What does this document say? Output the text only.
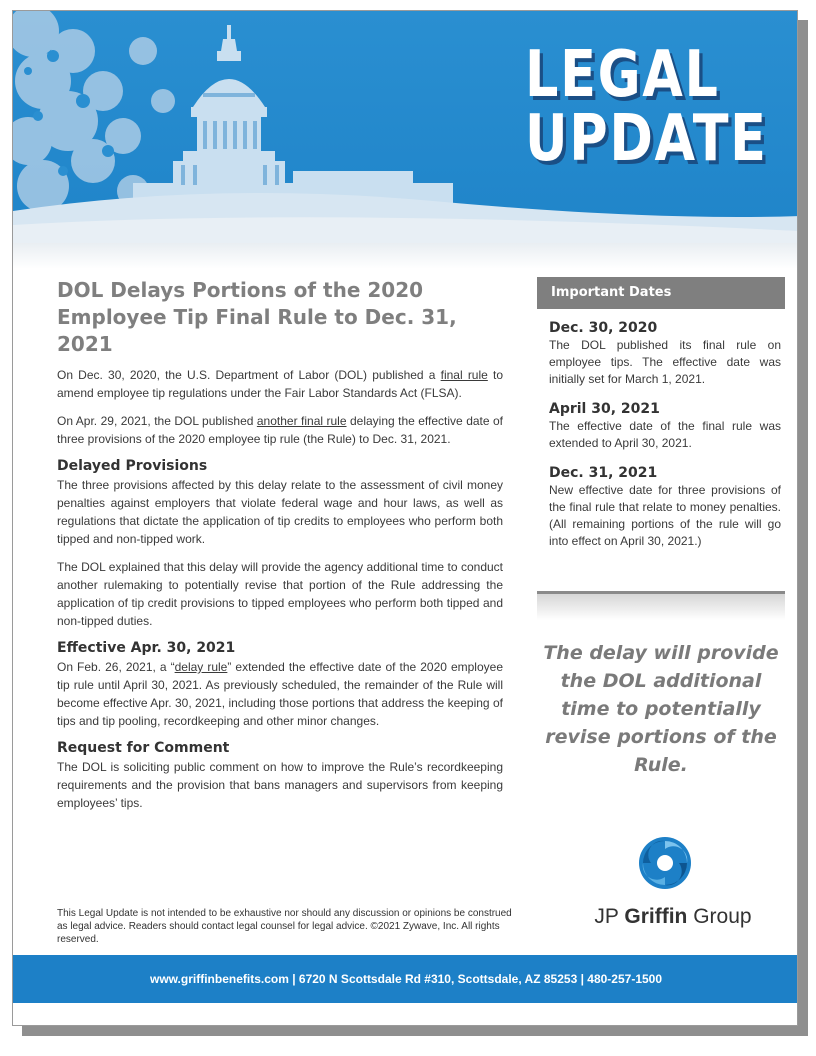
LEGAL
UPDATE
DOL Delays Portions of the 2020
Employee Tip Final Rule to Dec. 31, 2021

On Dec. 30, 2020, the U.S. Department of Labor (DOL) published a final rule to amend employee tip regulations under the Fair Labor Standards Act (FLSA).

On Apr. 29, 2021, the DOL published another final rule delaying the effective date of three provisions of the 2020 employee tip rule (the Rule) to Dec. 31, 2021.

Delayed Provisions

The three provisions affected by this delay relate to the assessment of civil money penalties against employers that violate federal wage and hour laws, as well as regulations that dictate the application of tip credits to employees who perform both tipped and non-tipped work.

The DOL explained that this delay will provide the agency additional time to conduct another rulemaking to potentially revise that portion of the Rule addressing the application of tip credit provisions to tipped employees who perform both tipped and non-tipped duties.

Effective Apr. 30, 2021

On Feb. 26, 2021, a “delay rule” extended the effective date of the 2020 employee tip rule until April 30, 2021. As previously scheduled, the remainder of the Rule will become effective Apr. 30, 2021, including those portions that address the keeping of tips and tip pooling, recordkeeping and other minor changes.

Request for Comment

The DOL is soliciting public comment on how to improve the Rule’s recordkeeping requirements and the provision that bans managers and supervisors from keeping employees’ tips.

Important Dates
Dec. 30, 2020
The DOL published its final rule on employee tips. The effective date was initially set for March 1, 2021.
April 30, 2021
The effective date of the final rule was extended to April 30, 2021.
Dec. 31, 2021
New effective date for three provisions of the final rule that relate to money penalties. (All remaining portions of the rule will go into effect on April 30, 2021.)
The delay will provide the DOL additional time to potentially revise portions of the Rule.
JP Griffin Group
This Legal Update is not intended to be exhaustive nor should any discussion or opinions be construed as legal advice. Readers should contact legal counsel for legal advice. ©2021 Zywave, Inc. All rights reserved.
www.griffinbenefits.com | 6720 N Scottsdale Rd #310, Scottsdale, AZ 85253 | 480-257-1500
